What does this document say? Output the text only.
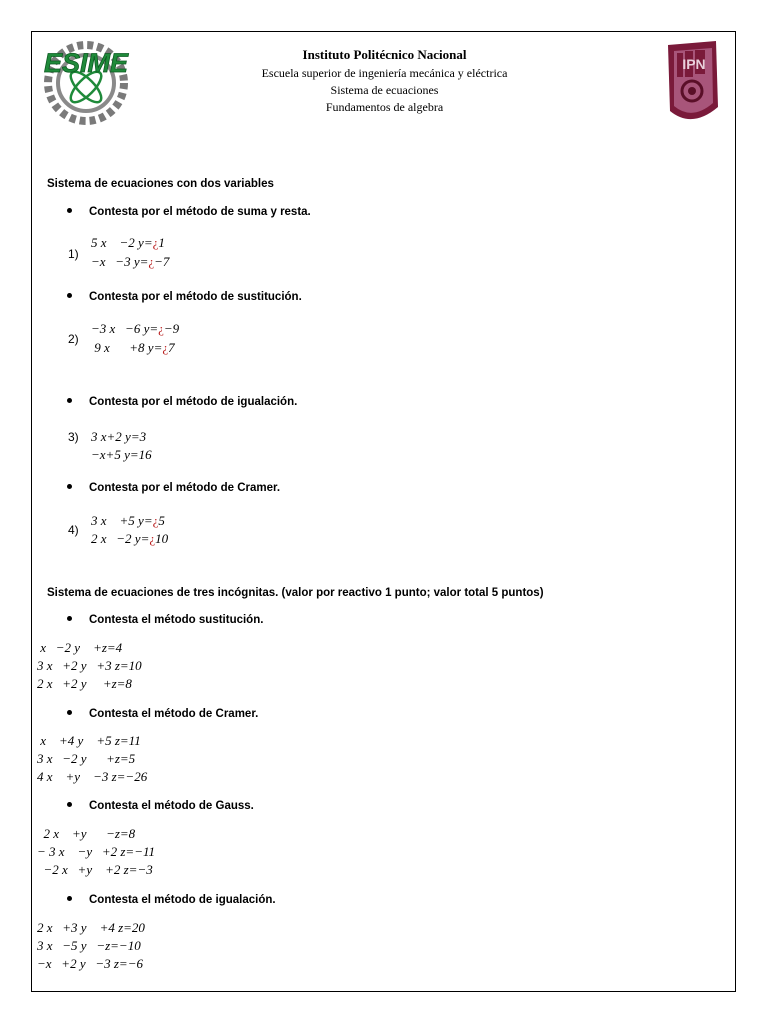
ESIME	IPN
Instituto Politécnico Nacional
Escuela superior de ingeniería mecánica y eléctrica
Sistema de ecuaciones
Fundamentos de algebra
Sistema de ecuaciones con dos variables
Contesta por el método de suma y resta.
1)
5 x    −2 y=¿1
−x   −3 y=¿−7
Contesta por el método de sustitución.
2)
−3 x   −6 y=¿−9
9 x      +8 y=¿7
Contesta por el método de igualación.
3) 3 x+2 y=3
−x+5 y=16
Contesta por el método de Cramer.
4)
3 x    +5 y=¿5
2 x   −2 y=¿10
Sistema de ecuaciones de tres incógnitas. (valor por reactivo 1 punto; valor total 5 puntos)
Contesta el método sustitución.
x   −2 y    +z=4
3 x   +2 y   +3 z=10
2 x   +2 y     +z=8
Contesta el método de Cramer.
x    +4 y    +5 z=11
3 x   −2 y      +z=5
4 x    +y    −3 z=−26
Contesta el método de Gauss.
2 x    +y      −z=8
− 3 x    −y   +2 z=−11
−2 x   +y    +2 z=−3
Contesta el método de igualación.
2 x   +3 y    +4 z=20
3 x   −5 y   −z=−10
−x   +2 y   −3 z=−6
